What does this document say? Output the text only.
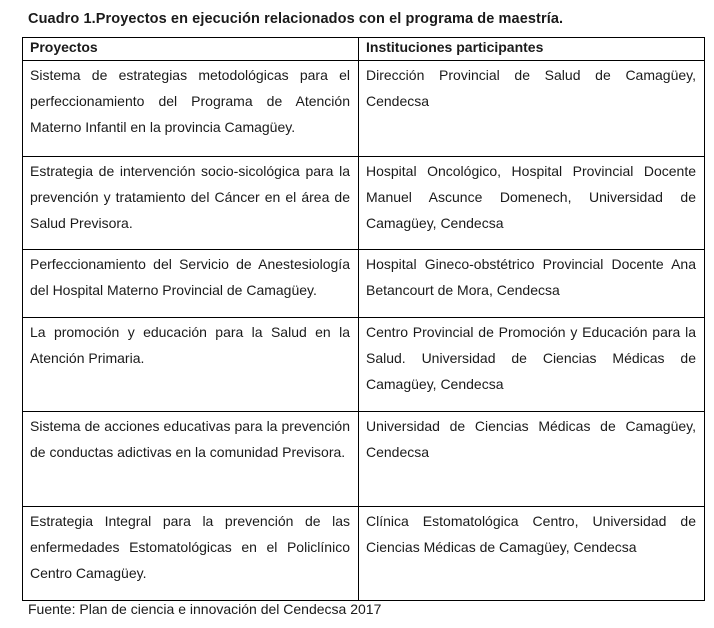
Cuadro 1.Proyectos en ejecución relacionados con el programa de maestría.
Proyectos	Instituciones participantes

Sistema de estrategias metodológicas para el perfeccionamiento del Programa de Atención Materno Infantil en la provincia Camagüey.	Dirección Provincial de Salud de Camagüey, Cendecsa

Estrategia de intervención socio-sicológica para la prevención y tratamiento del Cáncer en el área de Salud Previsora.	Hospital Oncológico, Hospital Provincial Docente Manuel Ascunce Domenech, Universidad de Camagüey, Cendecsa

Perfeccionamiento del Servicio de Anestesiología del Hospital Materno Provincial de Camagüey.	Hospital Gineco-obstétrico Provincial Docente Ana Betancourt de Mora, Cendecsa

La promoción y educación para la Salud en la Atención Primaria.	Centro Provincial de Promoción y Educación para la Salud. Universidad de Ciencias Médicas de Camagüey, Cendecsa

Sistema de acciones educativas para la prevención de conductas adictivas en la comunidad Previsora.	Universidad de Ciencias Médicas de Camagüey, Cendecsa

Estrategia Integral para la prevención de las enfermedades Estomatológicas en el Policlínico Centro Camagüey.	Clínica Estomatológica Centro, Universidad de Ciencias Médicas de Camagüey, Cendecsa
Fuente: Plan de ciencia e innovación del Cendecsa 2017
